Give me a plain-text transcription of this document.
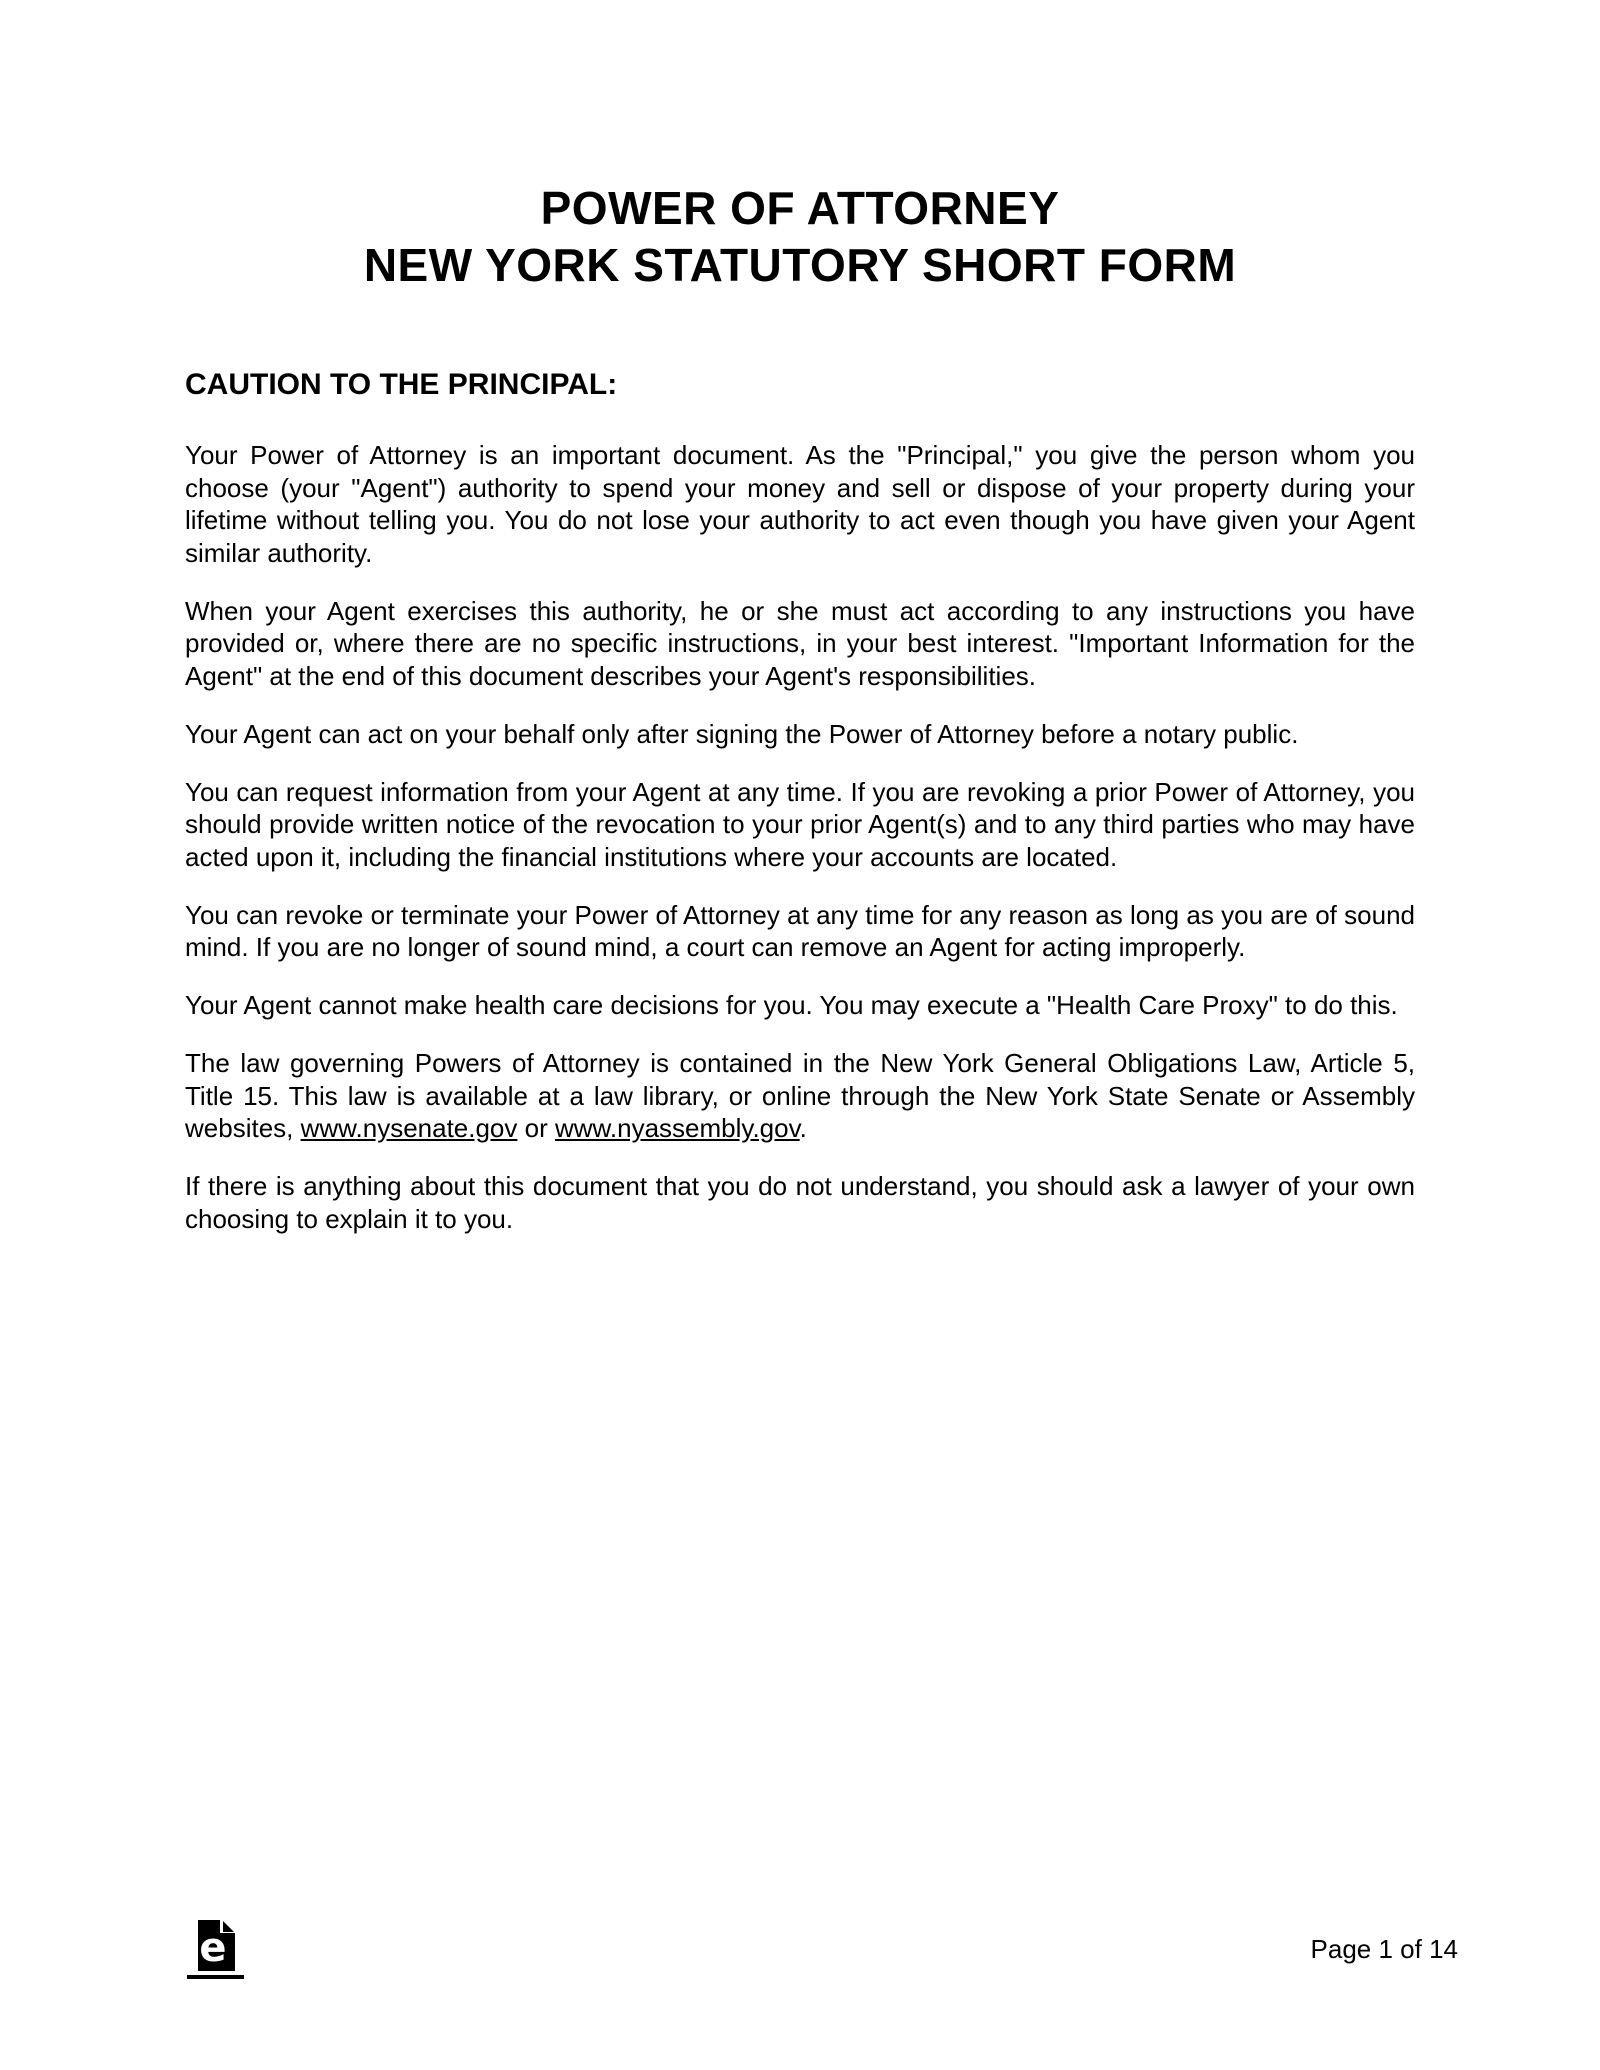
POWER OF ATTORNEY
NEW YORK STATUTORY SHORT FORM
CAUTION TO THE PRINCIPAL:

Your Power of Attorney is an important document. As the "Principal," you give the person whom you choose (your "Agent") authority to spend your money and sell or dispose of your property during your lifetime without telling you. You do not lose your authority to act even though you have given your Agent similar authority.

When your Agent exercises this authority, he or she must act according to any instructions you have provided or, where there are no specific instructions, in your best interest. "Important Information for the Agent" at the end of this document describes your Agent's responsibilities.

Your Agent can act on your behalf only after signing the Power of Attorney before a notary public.

You can request information from your Agent at any time. If you are revoking a prior Power of Attorney, you should provide written notice of the revocation to your prior Agent(s) and to any third parties who may have acted upon it, including the financial institutions where your accounts are located.

You can revoke or terminate your Power of Attorney at any time for any reason as long as you are of sound mind. If you are no longer of sound mind, a court can remove an Agent for acting improperly.

Your Agent cannot make health care decisions for you. You may execute a "Health Care Proxy" to do this.

The law governing Powers of Attorney is contained in the New York General Obligations Law, Article 5, Title 15. This law is available at a law library, or online through the New York State Senate or Assembly websites, www.nysenate.gov or www.nyassembly.gov.

If there is anything about this document that you do not understand, you should ask a lawyer of your own choosing to explain it to you.

e	Page 1 of 14
